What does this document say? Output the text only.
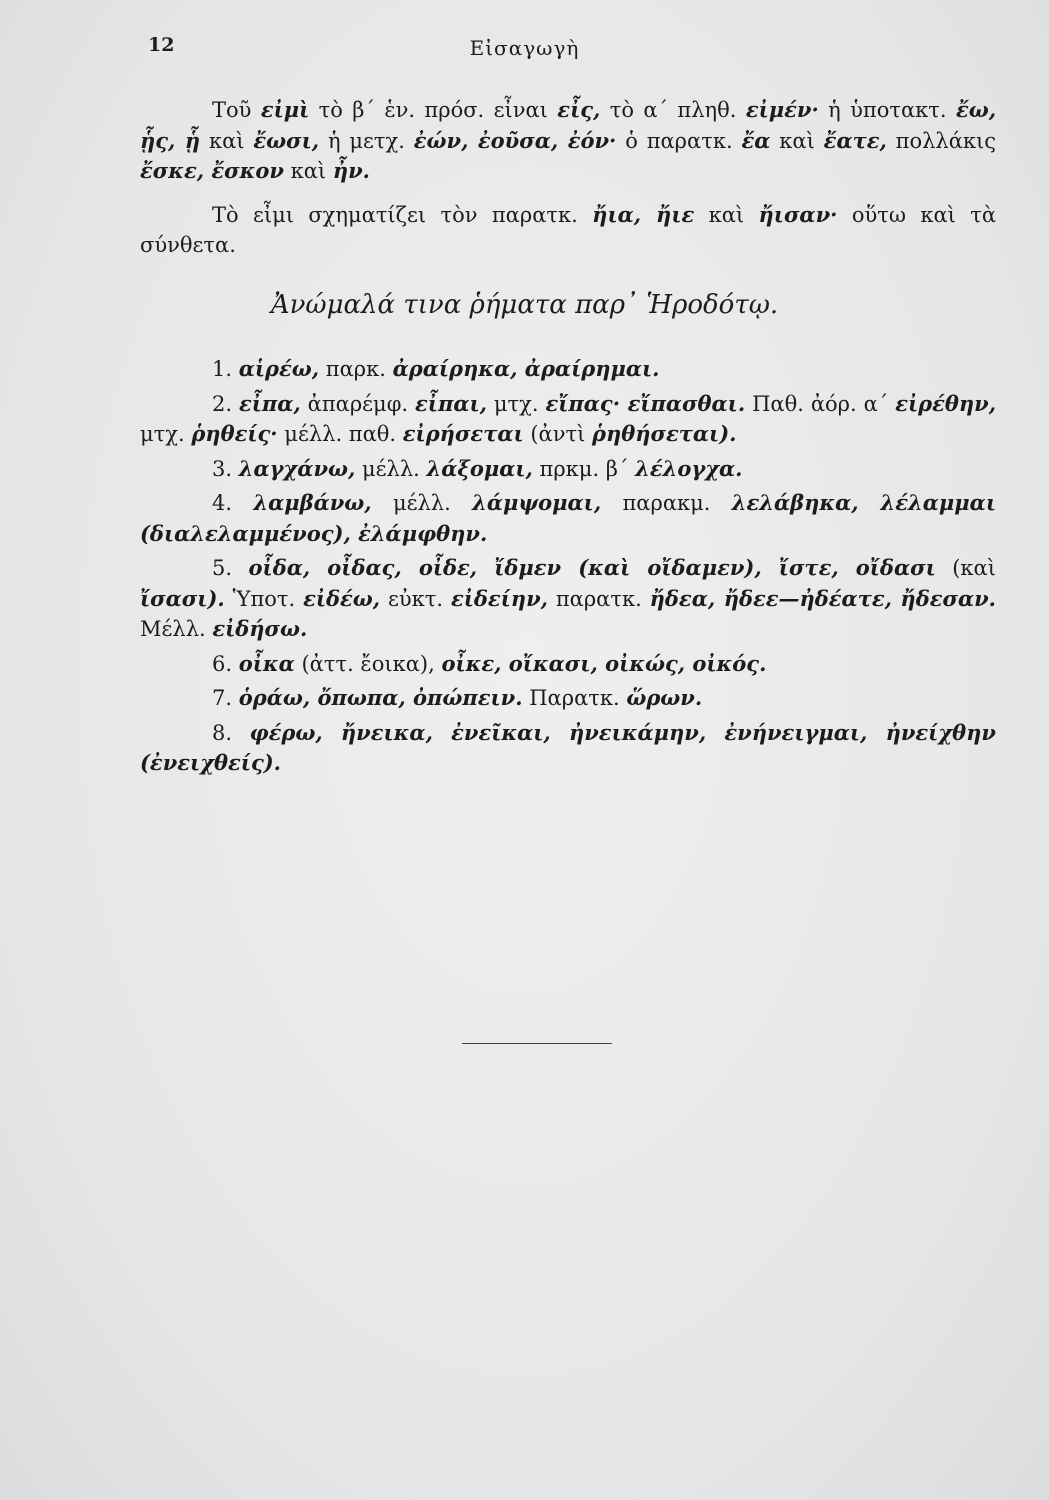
12	Εἰσαγωγὴ
Τοῦ εἰμὶ τὸ β΄ ἑν. πρόσ. εἶναι εἶς, τὸ α΄ πληθ. εἰμέν· ἡ ὑποτακτ. ἔω, ᾗς, ᾗ καὶ ἔωσι, ἡ μετχ. ἐών, ἐοῦσα, ἐόν· ὁ παρατκ. ἔα καὶ ἔατε, πολλάκις ἔσκε, ἔσκον καὶ ἦν.
Τὸ εἶμι σχηματίζει τὸν παρατκ. ἤια, ἤιε καὶ ἤισαν· οὕτω καὶ τὰ σύνθετα.
Ἀνώμαλά τινα ῥήματα παρ᾽ Ἡροδότῳ.
1. αἱρέω, παρκ. ἀραίρηκα, ἀραίρημαι.
2. εἶπα, ἀπαρέμφ. εἶπαι, μτχ. εἴπας· εἴπασθαι. Παθ. ἀόρ. α΄ εἰρέθην, μτχ. ῥηθείς· μέλλ. παθ. εἰρήσεται (ἀντὶ ῥηθήσεται).
3. λαγχάνω, μέλλ. λάξομαι, πρκμ. β΄ λέλογχα.
4. λαμβάνω, μέλλ. λάμψομαι, παρακμ. λελάβηκα, λέλαμμαι (διαλελαμμένος), ἐλάμφθην.
5. οἶδα, οἶδας, οἶδε, ἴδμεν (καὶ οἴδαμεν), ἴστε, οἴδασι (καὶ ἴσασι). Ὑποτ. εἰδέω, εὐκτ. εἰδείην, παρατκ. ἤδεα, ἤδεε—ἠδέατε, ἤδεσαν. Μέλλ. εἰδήσω.
6. οἶκα (ἀττ. ἔοικα), οἶκε, οἴκασι, οἰκώς, οἰκός.
7. ὁράω, ὄπωπα, ὀπώπειν. Παρατκ. ὥρων.
8. φέρω, ἤνεικα, ἐνεῖκαι, ἠνεικάμην, ἐνήνειγμαι, ἠνείχθην (ἐνειχθείς).
